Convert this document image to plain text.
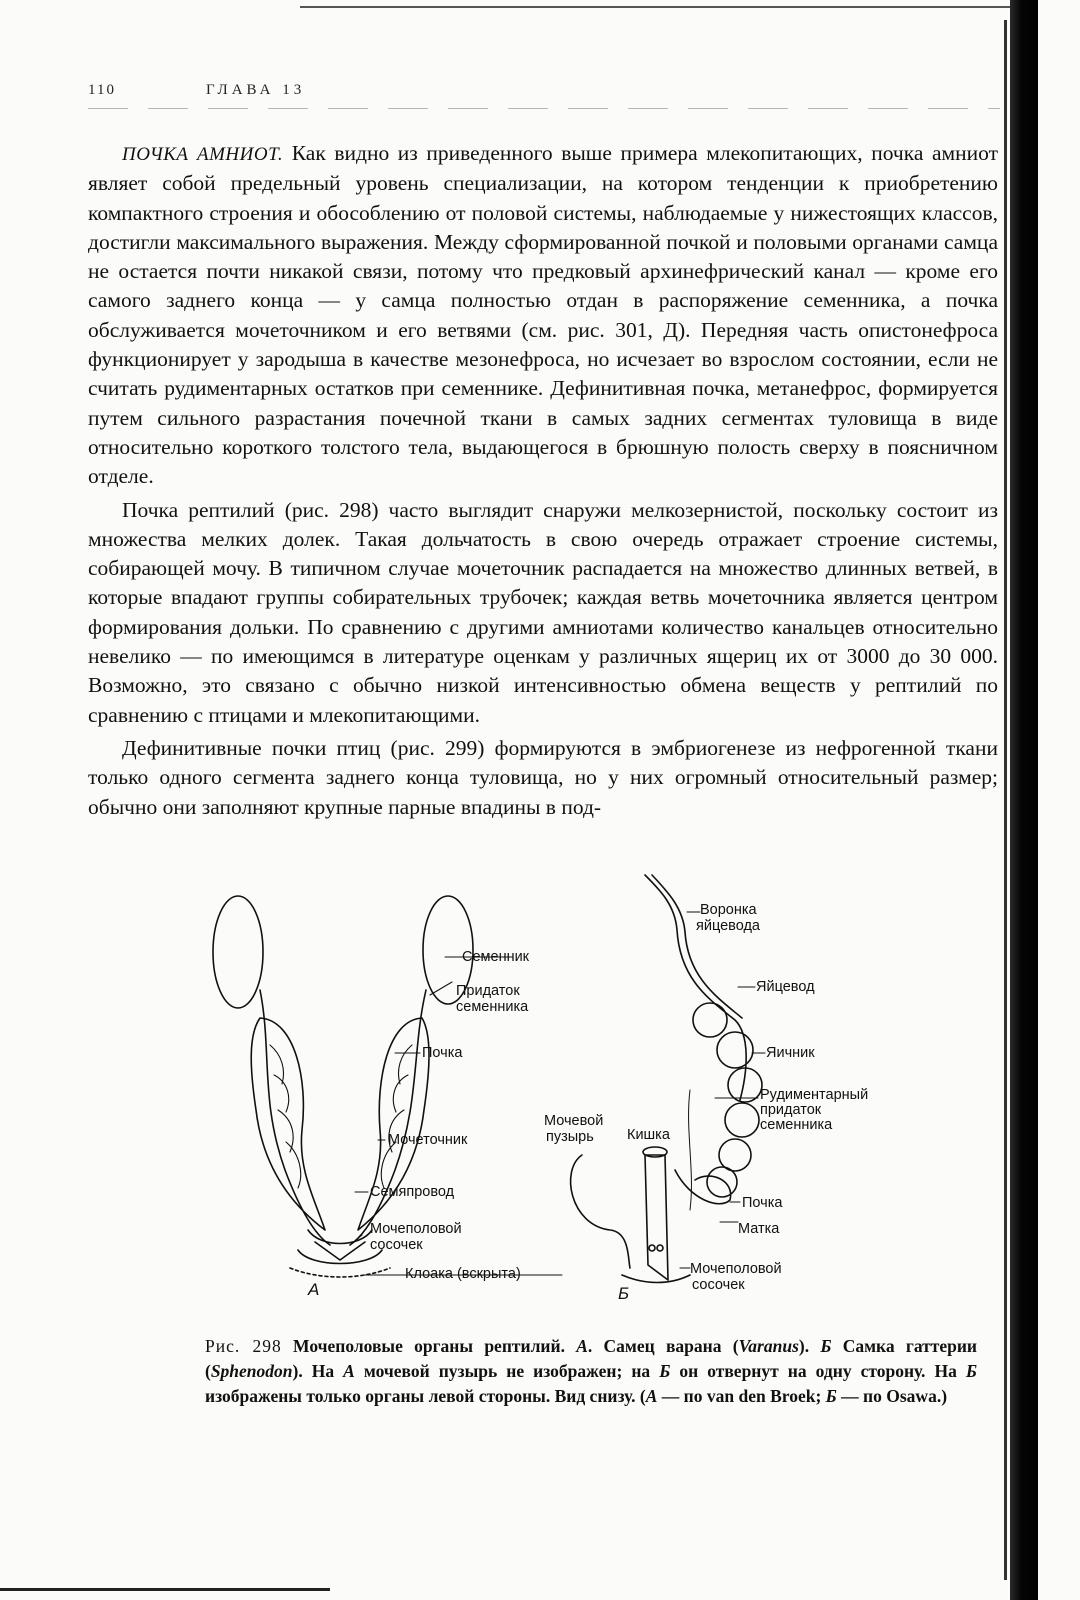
110	ГЛАВА 13

ПОЧКА АМНИОТ. Как видно из приведенного выше примера млекопитающих, почка амниот являет собой предельный уровень специализации, на котором тенденции к приобретению компактного строения и обособлению от половой системы, наблюдаемые у нижестоящих классов, достигли максимального выражения. Между сформированной почкой и половыми органами самца не остается почти никакой связи, потому что предковый архинефрический канал — кроме его самого заднего конца — у самца полностью отдан в распоряжение семенника, а почка обслуживается мочеточником и его ветвями (см. рис. 301, Д). Передняя часть опистонефроса функционирует у зародыша в качестве мезонефроса, но исчезает во взрослом состоянии, если не считать рудиментарных остатков при семеннике. Дефинитивная почка, метанефрос, формируется путем сильного разрастания почечной ткани в самых задних сегментах туловища в виде относительно короткого толстого тела, выдающегося в брюшную полость сверху в поясничном отделе.

Почка рептилий (рис. 298) часто выглядит снаружи мелкозернистой, поскольку состоит из множества мелких долек. Такая дольчатость в свою очередь отражает строение системы, собирающей мочу. В типичном случае мочеточник распадается на множество длинных ветвей, в которые впадают группы собирательных трубочек; каждая ветвь мочеточника является центром формирования дольки. По сравнению с другими амниотами количество канальцев относительно невелико — по имеющимся в литературе оценкам у различных ящериц их от 3000 до 30 000. Возможно, это связано с обычно низкой интенсивностью обмена веществ у рептилий по сравнению с птицами и млекопитающими.

Дефинитивные почки птиц (рис. 299) формируются в эмбриогенезе из нефрогенной ткани только одного сегмента заднего конца туловища, но у них огромный относительный размер; обычно они заполняют крупные парные впадины в под-

Семенник
Придаток
семенника
Почка
Мочеточник
Семяпровод
Мочеполовой
сосочек
Клоака (вскрыта)
А
Воронка
яйцевода
Яйцевод
Яичник
Рудиментарный
придаток
семенника
Мочевой
пузырь Кишка
Почка
Матка
Мочеполовой
сосочек
Б
Рис. 298 Мочеполовые органы рептилий. А. Самец варана (Varanus). Б Самка гаттерии (Sphenodon). На А мочевой пузырь не изображен; на Б он отвернут на одну сторону. На Б изображены только органы левой стороны. Вид снизу. (А — по van den Broek; Б — по Osawa.)
